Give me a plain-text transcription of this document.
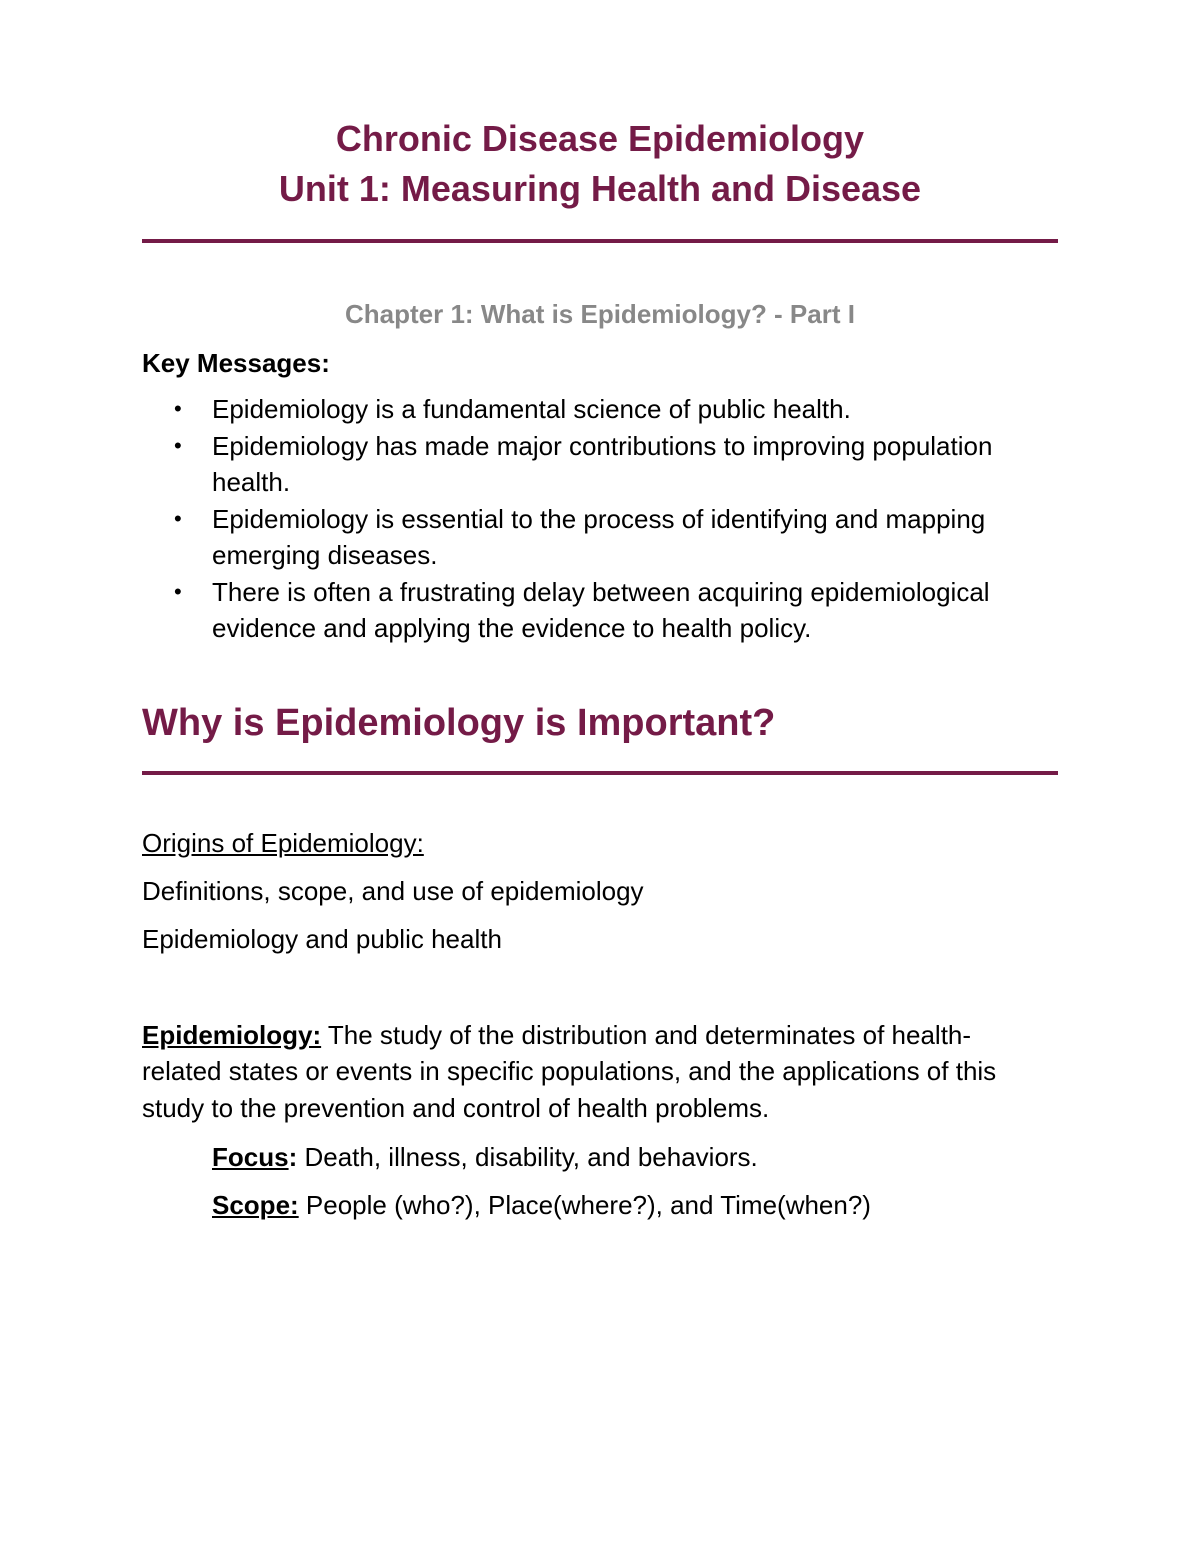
Chronic Disease Epidemiology
Unit 1: Measuring Health and Disease
Chapter 1: What is Epidemiology? - Part I
Key Messages:
• Epidemiology is a fundamental science of public health.
• Epidemiology has made major contributions to improving population health.
• Epidemiology is essential to the process of identifying and mapping emerging diseases.
• There is often a frustrating delay between acquiring epidemiological evidence and applying the evidence to health policy.
Why is Epidemiology is Important?
Origins of Epidemiology:
Definitions, scope, and use of epidemiology
Epidemiology and public health
Epidemiology: The study of the distribution and determinates of health-related states or events in specific populations, and the applications of this study to the prevention and control of health problems.
Focus: Death, illness, disability, and behaviors.
Scope: People (who?), Place(where?), and Time(when?)
